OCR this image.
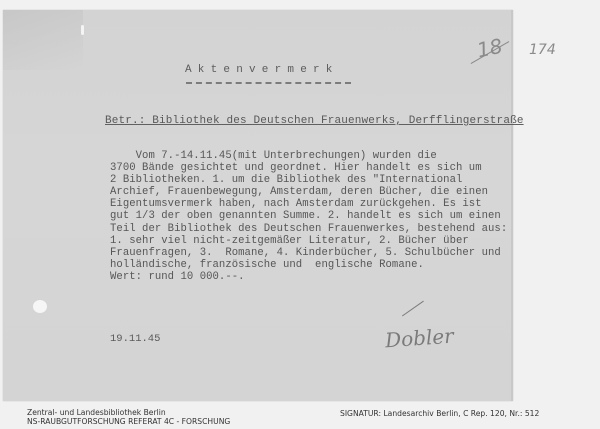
18 174
Aktenvermerk
Betr.: Bibliothek des Deutschen Frauenwerks, Derfflingerstraße
Vom 7.-14.11.45(mit Unterbrechungen) wurden die
3700 Bände gesichtet und geordnet. Hier handelt es sich um
2 Bibliotheken. 1. um die Bibliothek des "International
Archief, Frauenbewegung, Amsterdam, deren Bücher, die einen
Eigentumsvermerk haben, nach Amsterdam zurückgehen. Es ist
gut 1/3 der oben genannten Summe. 2. handelt es sich um einen
Teil der Bibliothek des Deutschen Frauenwerkes, bestehend aus:
1. sehr viel nicht-zeitgemäßer Literatur, 2. Bücher über
Frauenfragen, 3.  Romane, 4. Kinderbücher, 5. Schulbücher und
holländische, französische und  englische Romane.
Wert: rund 10 000.--.
19.11.45	Dobler
Zentral- und Landesbibliothek Berlin
NS-RAUBGUTFORSCHUNG REFERAT 4C - FORSCHUNG
SIGNATUR: Landesarchiv Berlin, C Rep. 120, Nr.: 512
